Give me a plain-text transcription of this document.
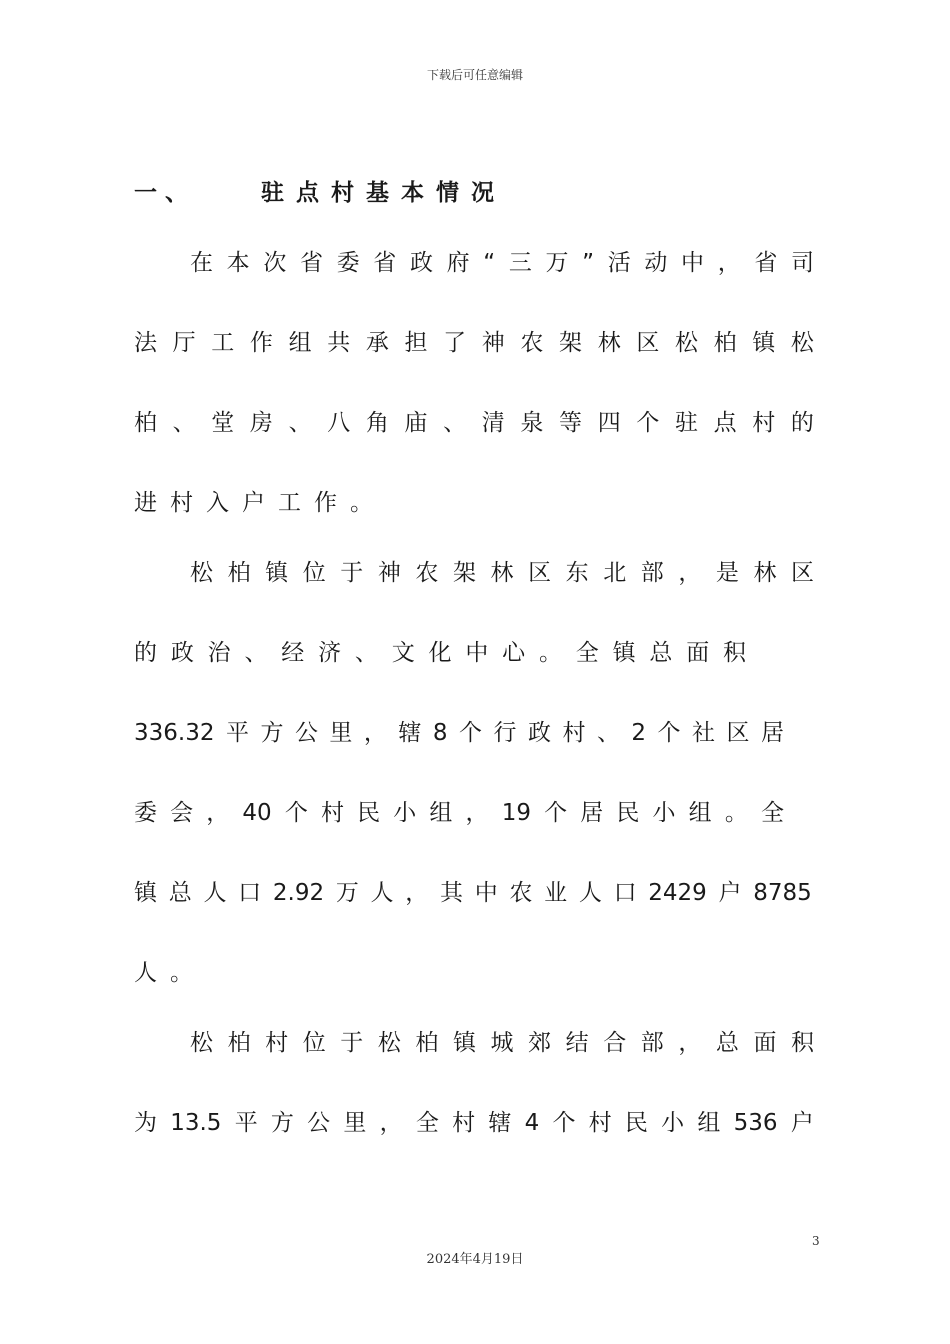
下载后可任意编辑
一、	驻点村基本情况
在 本 次 省 委 省 政 府 “ 三 万 ” 活 动 中 ， 省 司
法 厅 工 作 组 共 承 担 了 神 农 架 林 区 松 柏 镇 松
柏 、 堂 房 、 八 角 庙 、 清 泉 等 四 个 驻 点 村 的
进村入户工作。
松 柏 镇 位 于 神 农 架 林 区 东 北 部 ， 是 林 区
的 政 治 、 经 济 、 文 化 中 心 。 全 镇 总 面 积
336.32 平 方 公 里 ， 辖 8 个 行 政 村 、 2 个 社 区 居
委 会 ， 40 个 村 民 小 组 ， 19 个 居 民 小 组 。 全
镇 总 人 口 2.92 万 人 ， 其 中 农 业 人 口 2429 户 8785
人。
松 柏 村 位 于 松 柏 镇 城 郊 结 合 部 ， 总 面 积
为 13.5 平 方 公 里 ， 全 村 辖 4 个 村 民 小 组 536 户
3
2024年4月19日
